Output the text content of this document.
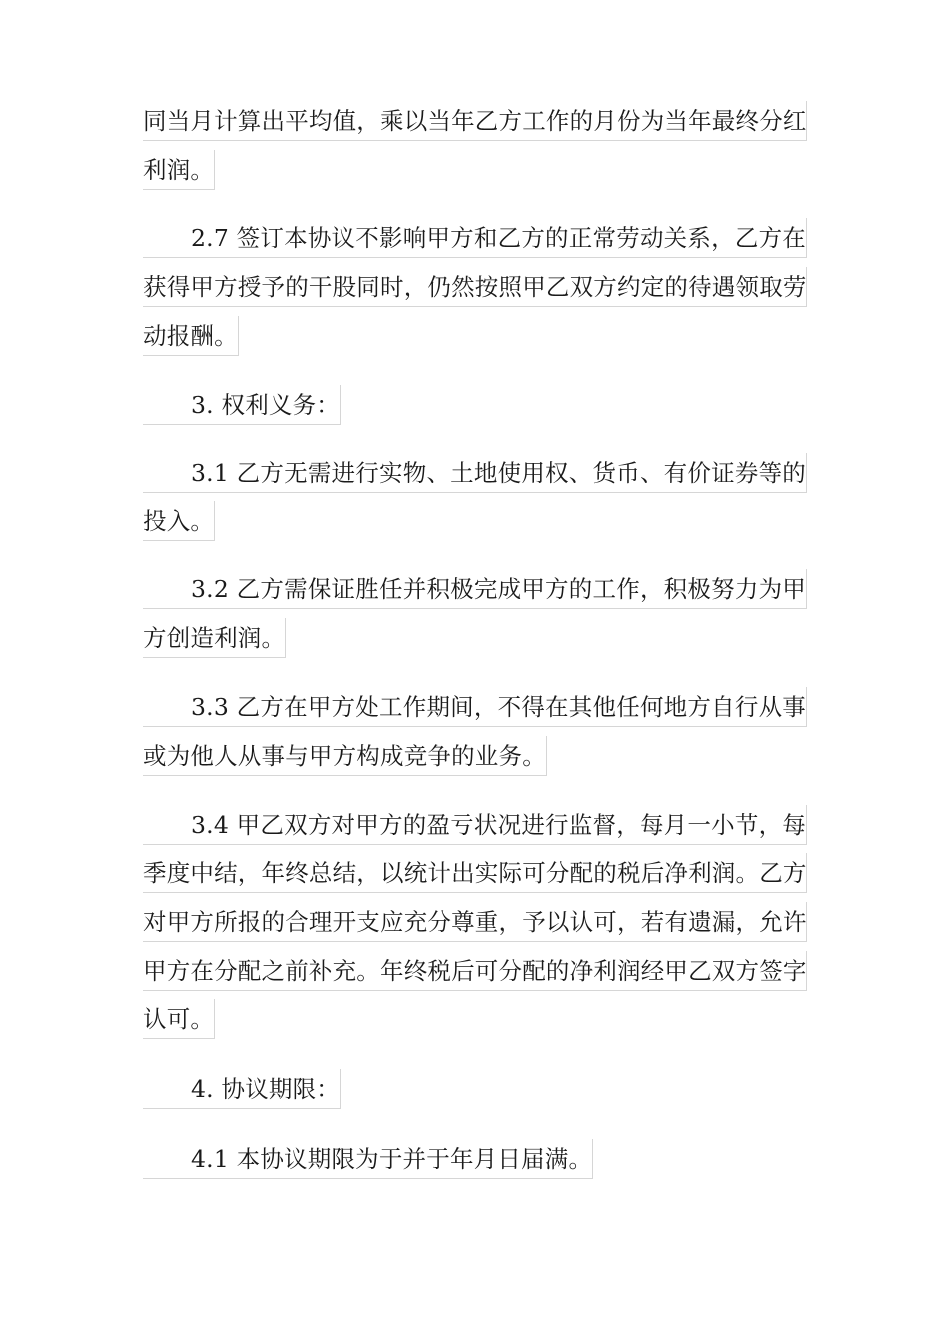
同当月计算出平均值，乘以当年乙方工作的月份为当年最终分红
利润。
2.7 签订本协议不影响甲方和乙方的正常劳动关系，乙方在
获得甲方授予的干股同时，仍然按照甲乙双方约定的待遇领取劳
动报酬。
3. 权利义务：
3.1 乙方无需进行实物、土地使用权、货币、有价证券等的
投入。
3.2 乙方需保证胜任并积极完成甲方的工作，积极努力为甲
方创造利润。
3.3 乙方在甲方处工作期间，不得在其他任何地方自行从事
或为他人从事与甲方构成竞争的业务。
3.4 甲乙双方对甲方的盈亏状况进行监督，每月一小节，每
季度中结，年终总结，以统计出实际可分配的税后净利润。乙方
对甲方所报的合理开支应充分尊重，予以认可，若有遗漏，允许
甲方在分配之前补充。年终税后可分配的净利润经甲乙双方签字
认可。
4. 协议期限：
4.1 本协议期限为于并于年月日届满。
